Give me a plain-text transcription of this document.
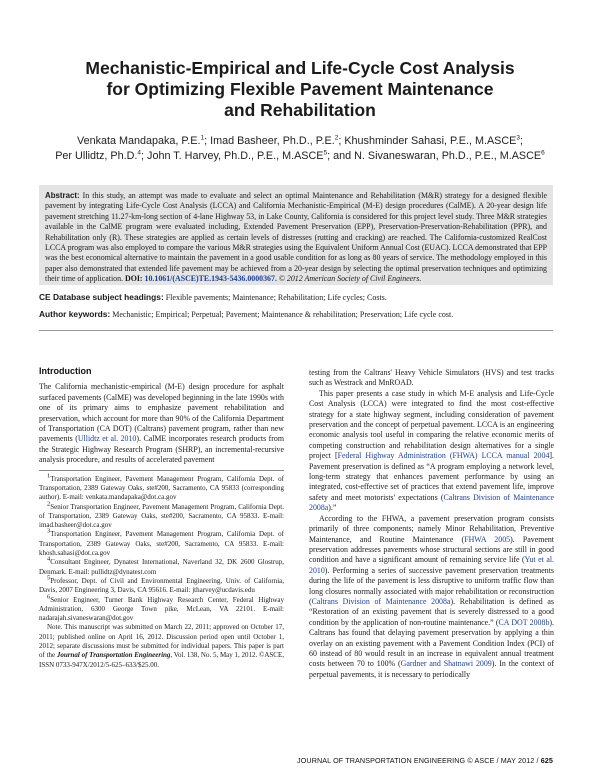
Mechanistic-Empirical and Life-Cycle Cost Analysis
for Optimizing Flexible Pavement Maintenance
and Rehabilitation
Venkata Mandapaka, P.E.$^1$; Imad Basheer, Ph.D., P.E.$^2$; Khushminder Sahasi, P.E., M.ASCE$^3$;
Per Ullidtz, Ph.D.$^4$; John T. Harvey, Ph.D., P.E., M.ASCE$^5$; and N. Sivaneswaran, Ph.D., P.E., M.ASCE$^6$

Abstract: In this study, an attempt was made to evaluate and select an optimal Maintenance and Rehabilitation (M&R) strategy for a designed flexible pavement by integrating Life-Cycle Cost Analysis (LCCA) and California Mechanistic-Empirical (M-E) design procedures (CalME). A 20-year design life pavement stretching 11.27-km-long section of 4-lane Highway 53, in Lake County, California is considered for this project level study. Three M&R strategies available in the CalME program were evaluated including, Extended Pavement Preservation (EPP), Preservation-Preservation-Rehabilitation (PPR), and Rehabilitation only (R). These strategies are applied as certain levels of distresses (rutting and cracking) are reached. The California-customized RealCost LCCA program was also employed to compare the various M&R strategies using the Equivalent Uniform Annual Cost (EUAC). LCCA demonstrated that EPP was the best economical alternative to maintain the pavement in a good usable condition for as long as 80 years of service. The methodology employed in this paper also demonstrated that extended life pavement may be achieved from a 20-year design by selecting the optimal preservation techniques and optimizing their time of application. DOI: 10.1061/(ASCE)TE.1943-5436.0000367. © 2012 American Society of Civil Engineers.

CE Database subject headings: Flexible pavements; Maintenance; Rehabilitation; Life cycles; Costs.
Author keywords: Mechanistic; Empirical; Perpetual; Pavement; Maintenance & rehabilitation; Preservation; Life cycle cost.
Introduction

The California mechanistic-empirical (M-E) design procedure for asphalt surfaced pavements (CalME) was developed beginning in the late 1990s with one of its primary aims to emphasize pavement rehabilitation and preservation, which account for more than 90% of the California Department of Transportation (CA DOT) (Caltrans) pavement program, rather than new pavements (Ullidtz et al. 2010). CalME incorporates research products from the Strategic Highway Research Program (SHRP), an incremental-recursive analysis procedure, and results of accelerated pavement

$^1$Transportation Engineer, Pavement Management Program, California Dept. of Transportation, 2389 Gateway Oaks, ste#200, Sacramento, CA 95833 (corresponding author). E-mail: venkata.mandapaka@dot.ca.gov

$^2$Senior Transportation Engineer, Pavement Management Program, California Dept. of Transportation, 2389 Gateway Oaks, ste#200, Sacramento, CA 95833. E-mail: imad.basheer@dot.ca.gov

$^3$Transportation Engineer, Pavement Management Program, California Dept. of Transportation, 2389 Gateway Oaks, ste#200, Sacramento, CA 95833. E-mail: khosh.sahasi@dot.ca.gov

$^4$Consultant Engineer, Dynatest International, Naverland 32, DK 2600 Glostrup, Denmark. E-mail: pullidtz@dynatest.com

$^5$Professor, Dept. of Civil and Environmental Engineering, Univ. of California, Davis, 2007 Engineering 3, Davis, CA 95616. E-mail: jtharvey@ucdavis.edu

$^6$Senior Engineer, Turner Bank Highway Research Center, Federal Highway Administration, 6300 George Town pike, McLean, VA 22101. E-mail: nadarajah.sivaneswaran@dot.gov

Note. This manuscript was submitted on March 22, 2011; approved on October 17, 2011; published online on April 16, 2012. Discussion period open until October 1, 2012; separate discussions must be submitted for individual papers. This paper is part of the Journal of Transportation Engineering, Vol. 138, No. 5, May 1, 2012. ©ASCE, ISSN 0733-947X/2012/5-625–633/$25.00.

testing from the Caltrans' Heavy Vehicle Simulators (HVS) and test tracks such as Westrack and MnROAD.

This paper presents a case study in which M-E analysis and Life-Cycle Cost Analysis (LCCA) were integrated to find the most cost-effective strategy for a state highway segment, including consideration of pavement preservation and the concept of perpetual pavement. LCCA is an engineering economic analysis tool useful in comparing the relative economic merits of competing construction and rehabilitation design alternatives for a single project [Federal Highway Administration (FHWA) LCCA manual 2004]. Pavement preservation is defined as “A program employing a network level, long-term strategy that enhances pavement performance by using an integrated, cost-effective set of practices that extend pavement life, improve safety and meet motorists' expectations (Caltrans Division of Maintenance 2008a).”

According to the FHWA, a pavement preservation program consists primarily of three components; namely Minor Rehabilitation, Preventive Maintenance, and Routine Maintenance (FHWA 2005). Pavement preservation addresses pavements whose structural sections are still in good condition and have a significant amount of remaining service life (Yut et al. 2010). Performing a series of successive pavement preservation treatments during the life of the pavement is less disruptive to uniform traffic flow than long closures normally associated with major rehabilitation or reconstruction (Caltrans Division of Maintenance 2008a). Rehabilitation is defined as “Restoration of an existing pavement that is severely distressed to a good condition by the application of non-routine maintenance.” (CA DOT 2008b). Caltrans has found that delaying pavement preservation by applying a thin overlay on an existing pavement with a Pavement Condition Index (PCI) of 60 instead of 80 would result in an increase in equivalent annual treatment costs between 70 to 100% (Gardner and Shatnawi 2009). In the context of perpetual pavements, it is necessary to periodically

JOURNAL OF TRANSPORTATION ENGINEERING © ASCE / MAY 2012 / 625
